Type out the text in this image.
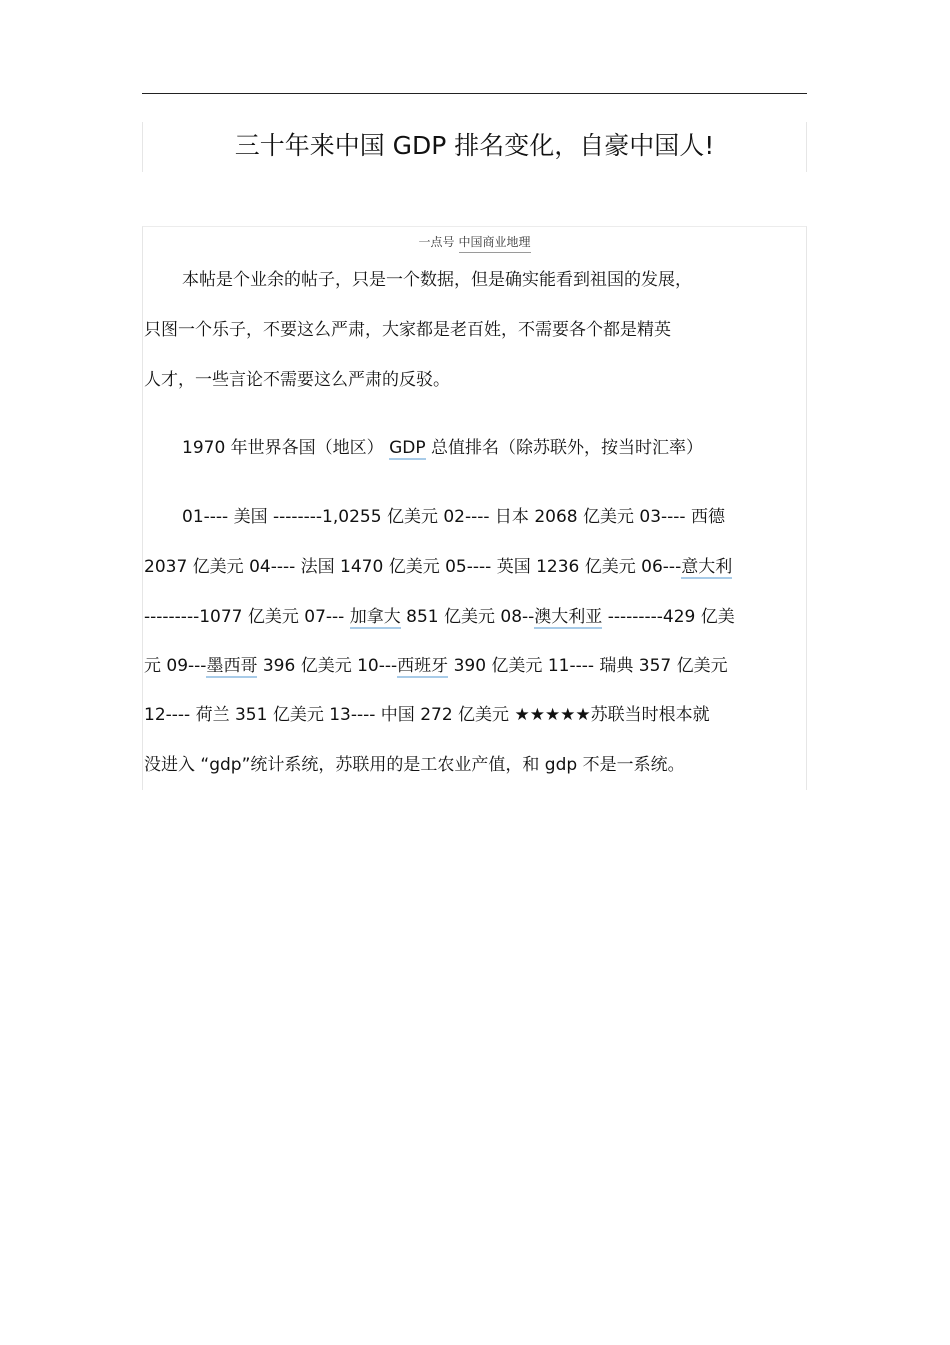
三十年来中国 GDP 排名变化，自豪中国人!
一点号 中国商业地理
本帖是个业余的帖子，只是一个数据，但是确实能看到祖国的发展，
只图一个乐子，不要这么严肃，大家都是老百姓，不需要各个都是精英
人才，一些言论不需要这么严肃的反驳。
1970 年世界各国（地区） GDP 总值排名（除苏联外，按当时汇率）
01---- 美国 --------1,0255 亿美元 02---- 日本 2068 亿美元 03---- 西德
2037 亿美元 04---- 法国 1470 亿美元 05---- 英国 1236 亿美元 06---意大利
---------1077 亿美元 07--- 加拿大 851 亿美元 08--澳大利亚 ---------429 亿美
元 09---墨西哥 396 亿美元 10---西班牙 390 亿美元 11---- 瑞典 357 亿美元
12---- 荷兰 351 亿美元 13---- 中国 272 亿美元 ★★★★★苏联当时根本就
没进入 “gdp”统计系统，苏联用的是工农业产值，和 gdp 不是一系统。
